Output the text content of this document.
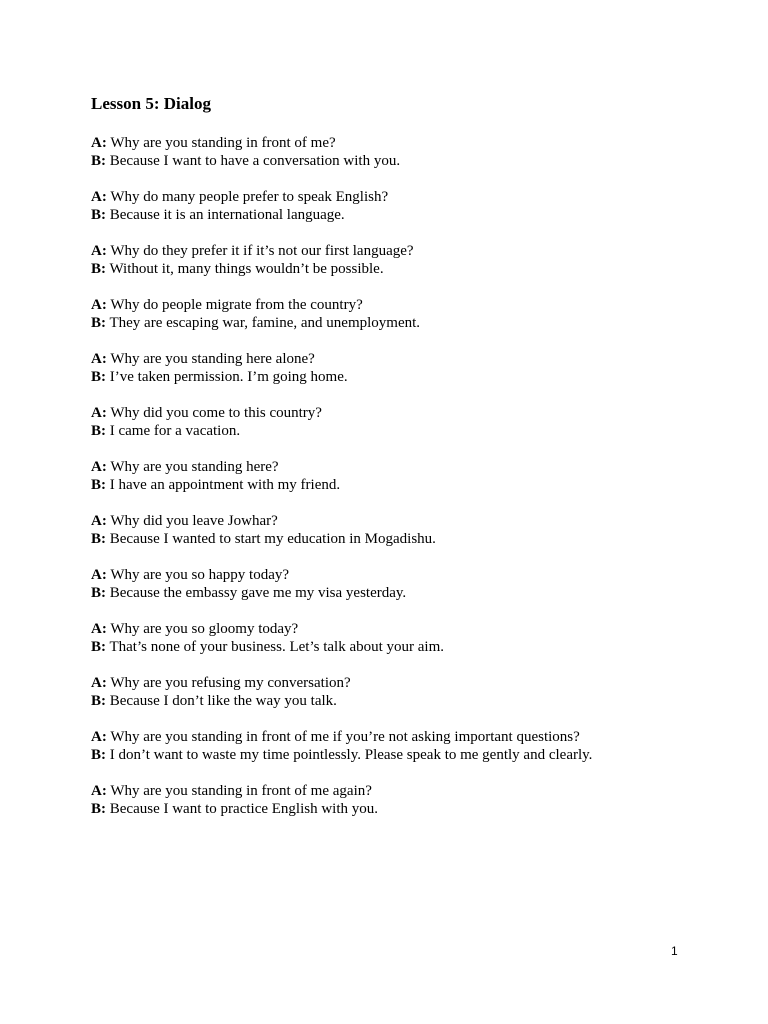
Lesson 5: Dialog
A: Why are you standing in front of me?
B: Because I want to have a conversation with you.
A: Why do many people prefer to speak English?
B: Because it is an international language.
A: Why do they prefer it if it’s not our first language?
B: Without it, many things wouldn’t be possible.
A: Why do people migrate from the country?
B: They are escaping war, famine, and unemployment.
A: Why are you standing here alone?
B: I’ve taken permission. I’m going home.
A: Why did you come to this country?
B: I came for a vacation.
A: Why are you standing here?
B: I have an appointment with my friend.
A: Why did you leave Jowhar?
B: Because I wanted to start my education in Mogadishu.
A: Why are you so happy today?
B: Because the embassy gave me my visa yesterday.
A: Why are you so gloomy today?
B: That’s none of your business. Let’s talk about your aim.
A: Why are you refusing my conversation?
B: Because I don’t like the way you talk.
A: Why are you standing in front of me if you’re not asking important questions?
B: I don’t want to waste my time pointlessly. Please speak to me gently and clearly.
A: Why are you standing in front of me again?
B: Because I want to practice English with you.
1
